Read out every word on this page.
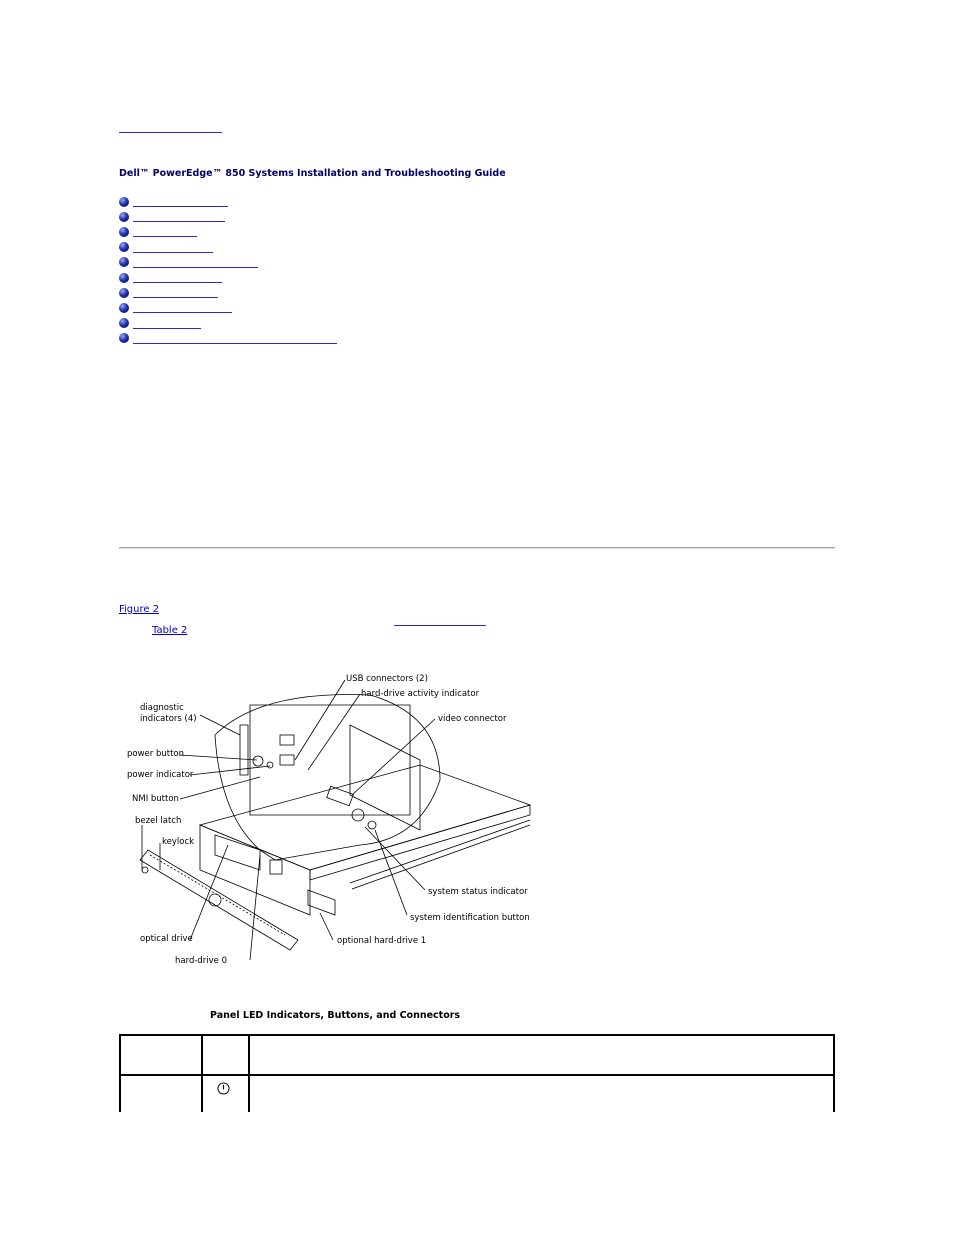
Dell™ PowerEdge™ 850 Systems Installation and Troubleshooting Guide
Figure 2
Table 2
USB connectors (2)
hard-drive activity indicator
video connector
diagnostic
indicators (4)
power button
power indicator
NMI button
bezel latch
keylock
system status indicator
system identification button
optical drive	optional hard-drive 1
hard-drive 0
Panel LED Indicators, Buttons, and Connectors
